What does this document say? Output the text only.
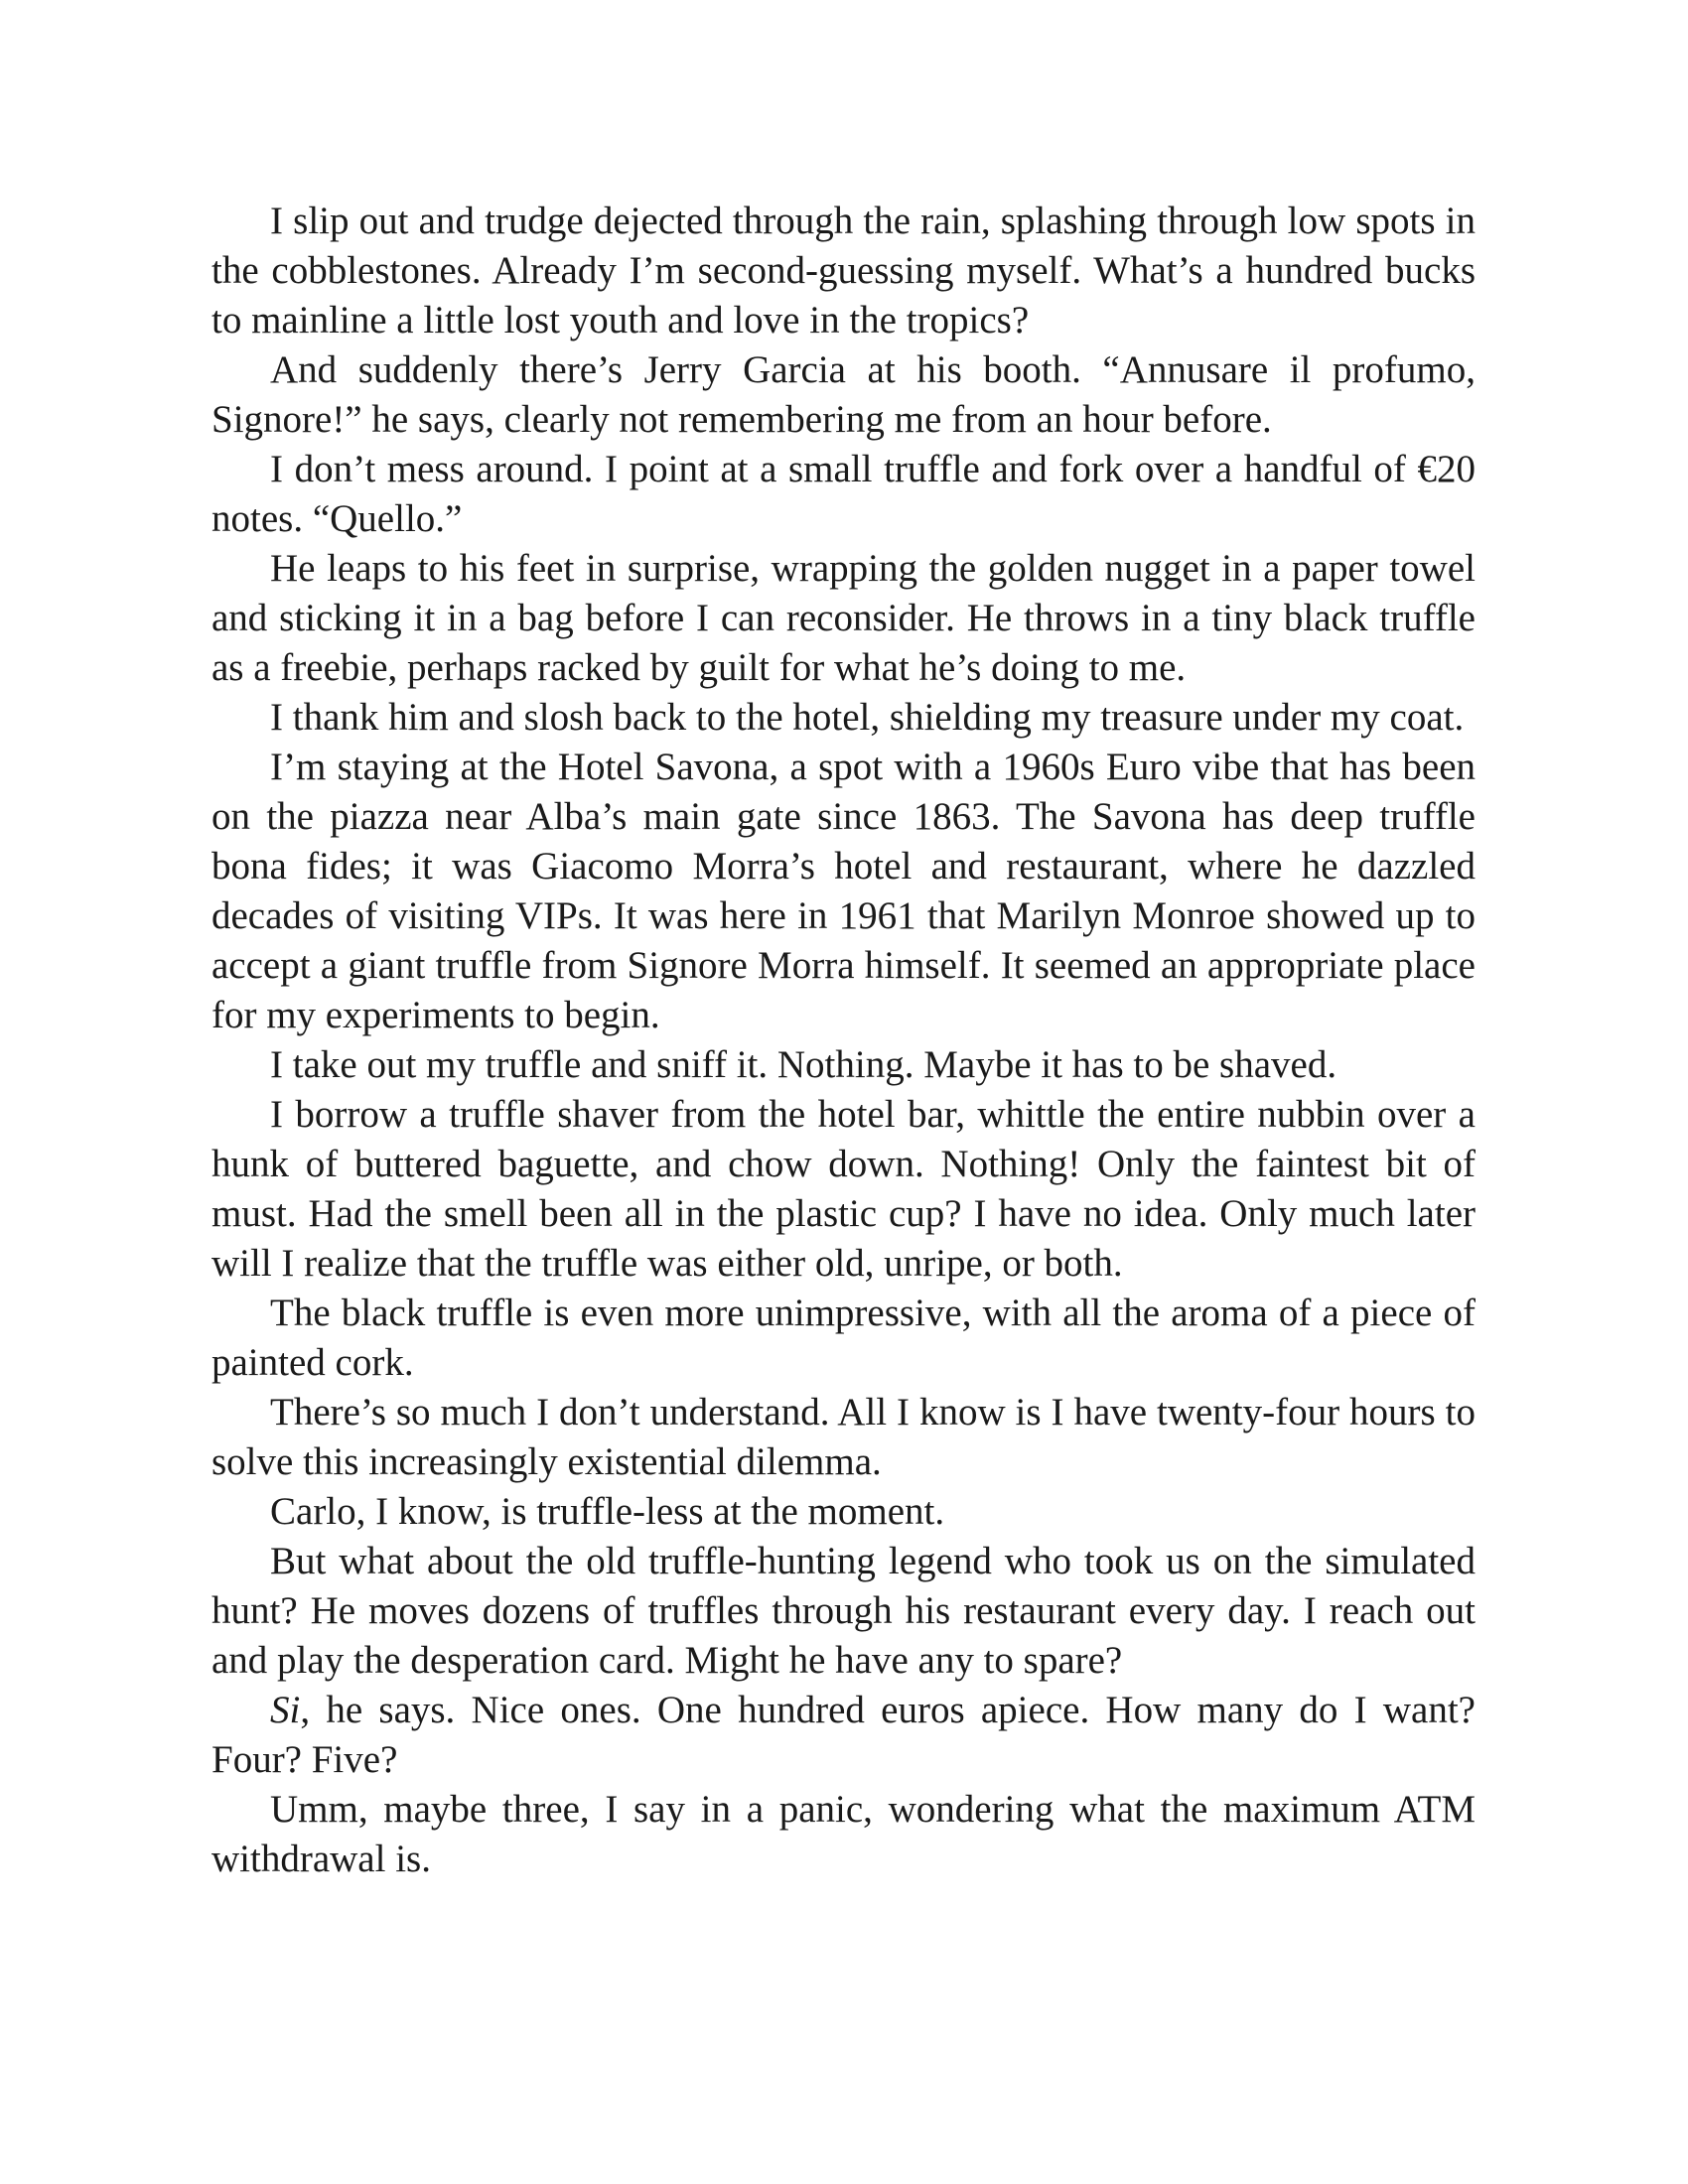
I slip out and trudge dejected through the rain, splashing through low spots in the cobblestones. Already I’m second-guessing myself. What’s a hundred bucks to mainline a little lost youth and love in the tropics?

And suddenly there’s Jerry Garcia at his booth. “Annusare il profumo, Signore!” he says, clearly not remembering me from an hour before.

I don’t mess around. I point at a small truffle and fork over a handful of €20 notes. “Quello.”

He leaps to his feet in surprise, wrapping the golden nugget in a paper towel and sticking it in a bag before I can reconsider. He throws in a tiny black truffle as a freebie, perhaps racked by guilt for what he’s doing to me.

I thank him and slosh back to the hotel, shielding my treasure under my coat.

I’m staying at the Hotel Savona, a spot with a 1960s Euro vibe that has been on the piazza near Alba’s main gate since 1863. The Savona has deep truffle bona fides; it was Giacomo Morra’s hotel and restaurant, where he dazzled decades of visiting VIPs. It was here in 1961 that Marilyn Monroe showed up to accept a giant truffle from Signore Morra himself. It seemed an appropriate place for my experiments to begin.

I take out my truffle and sniff it. Nothing. Maybe it has to be shaved.

I borrow a truffle shaver from the hotel bar, whittle the entire nubbin over a hunk of buttered baguette, and chow down. Nothing! Only the faintest bit of must. Had the smell been all in the plastic cup? I have no idea. Only much later will I realize that the truffle was either old, unripe, or both.

The black truffle is even more unimpressive, with all the aroma of a piece of painted cork.

There’s so much I don’t understand. All I know is I have twenty-four hours to solve this increasingly existential dilemma.

Carlo, I know, is truffle-less at the moment.

But what about the old truffle-hunting legend who took us on the simulated hunt? He moves dozens of truffles through his restaurant every day. I reach out and play the desperation card. Might he have any to spare?

Si, he says. Nice ones. One hundred euros apiece. How many do I want? Four? Five?

Umm, maybe three, I say in a panic, wondering what the maximum ATM withdrawal is.
